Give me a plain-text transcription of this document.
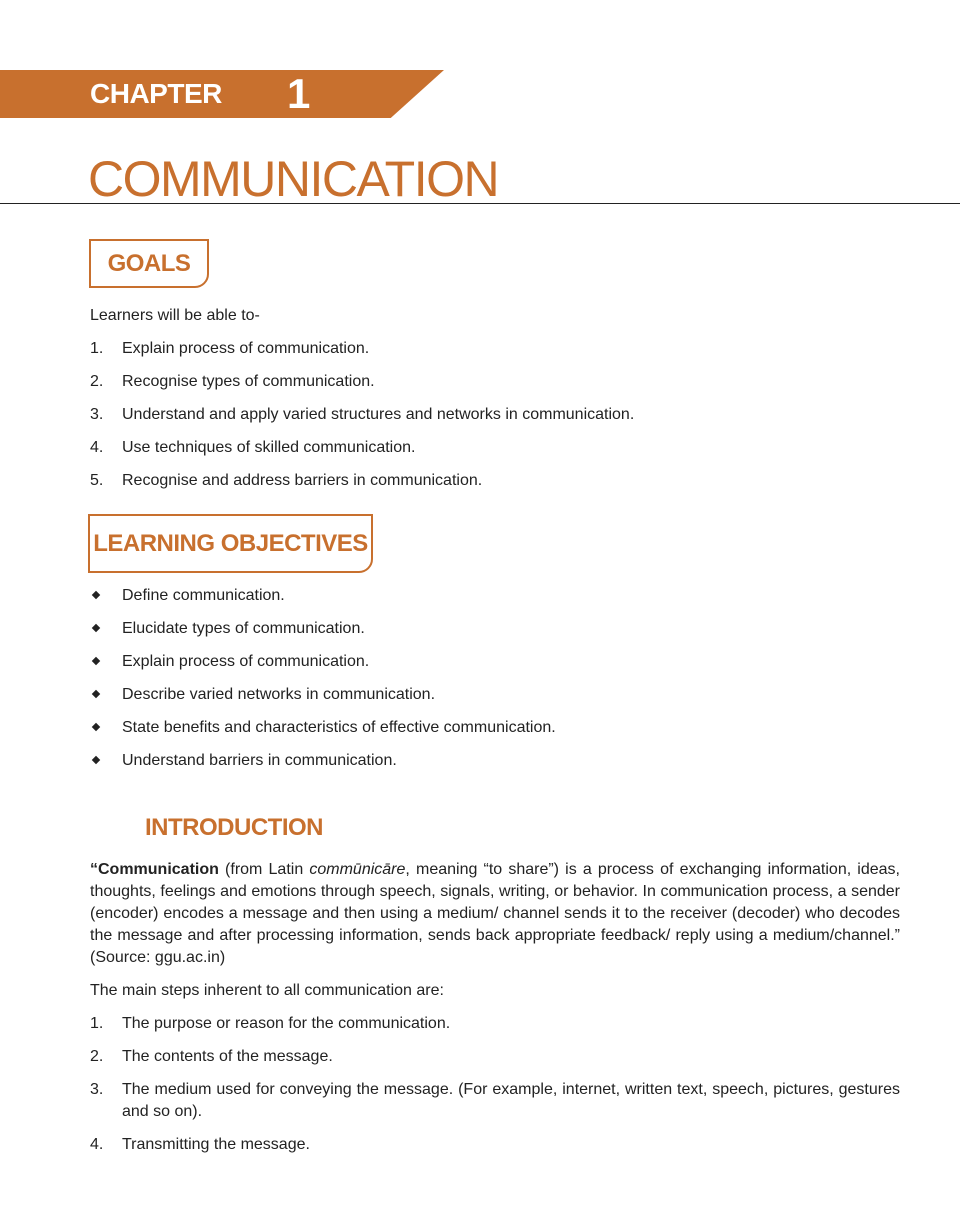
CHAPTER 1
COMMUNICATION
GOALS
Learners will be able to-
1. Explain process of communication.
2. Recognise types of communication.
3. Understand and apply varied structures and networks in communication.
4. Use techniques of skilled communication.
5. Recognise and address barriers in communication.
LEARNING OBJECTIVES
Define communication.
Elucidate types of communication.
Explain process of communication.
Describe varied networks in communication.
State benefits and characteristics of effective communication.
Understand barriers in communication.
INTRODUCTION

“Communication (from Latin commūnicāre, meaning “to share”) is a process of exchanging information, ideas, thoughts, feelings and emotions through speech, signals, writing, or behavior. In communication process, a sender (encoder) encodes a message and then using a medium/ channel sends it to the receiver (decoder) who decodes the message and after processing information, sends back appropriate feedback/ reply using a medium/channel.” (Source: ggu.ac.in)

The main steps inherent to all communication are:
1. The purpose or reason for the communication.
2. The contents of the message.
3. The medium used for conveying the message. (For example, internet, written text, speech, pictures, gestures and so on).
4. Transmitting the message.
